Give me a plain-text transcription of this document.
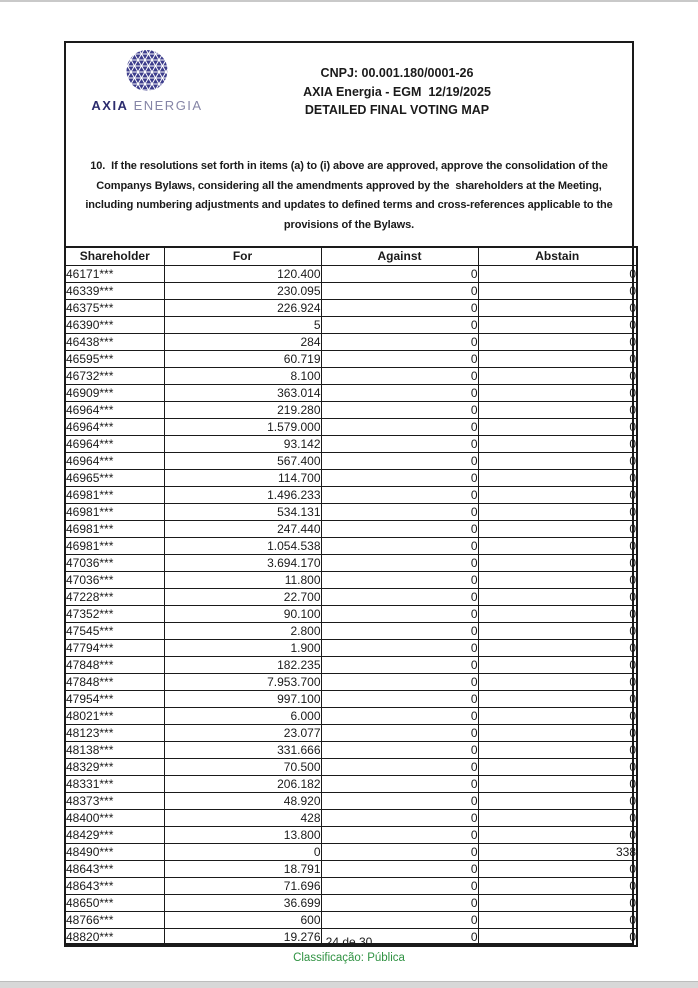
AXIA ENERGIA
CNPJ: 00.001.180/0001-26
AXIA Energia - EGM  12/19/2025
DETAILED FINAL VOTING MAP
10.  If the resolutions set forth in items (a) to (i) above are approved, approve the consolidation of the
Companys Bylaws, considering all the amendments approved by the  shareholders at the Meeting,
including numbering adjustments and updates to defined terms and cross-references applicable to the
provisions of the Bylaws.
Shareholder	For	Against	Abstain
46171***	120.400	0	0
46339***	230.095	0	0
46375***	226.924	0	0
46390***	5	0	0
46438***	284	0	0
46595***	60.719	0	0
46732***	8.100	0	0
46909***	363.014	0	0
46964***	219.280	0	0
46964***	1.579.000	0	0
46964***	93.142	0	0
46964***	567.400	0	0
46965***	114.700	0	0
46981***	1.496.233	0	0
46981***	534.131	0	0
46981***	247.440	0	0
46981***	1.054.538	0	0
47036***	3.694.170	0	0
47036***	11.800	0	0
47228***	22.700	0	0
47352***	90.100	0	0
47545***	2.800	0	0
47794***	1.900	0	0
47848***	182.235	0	0
47848***	7.953.700	0	0
47954***	997.100	0	0
48021***	6.000	0	0
48123***	23.077	0	0
48138***	331.666	0	0
48329***	70.500	0	0
48331***	206.182	0	0
48373***	48.920	0	0
48400***	428	0	0
48429***	13.800	0	0
48490***	0	0	338
48643***	18.791	0	0
48643***	71.696	0	0
48650***	36.699	0	0
48766***	600	0	0
48820***	19.276	0	0
24 de 30
Classificação: Pública
